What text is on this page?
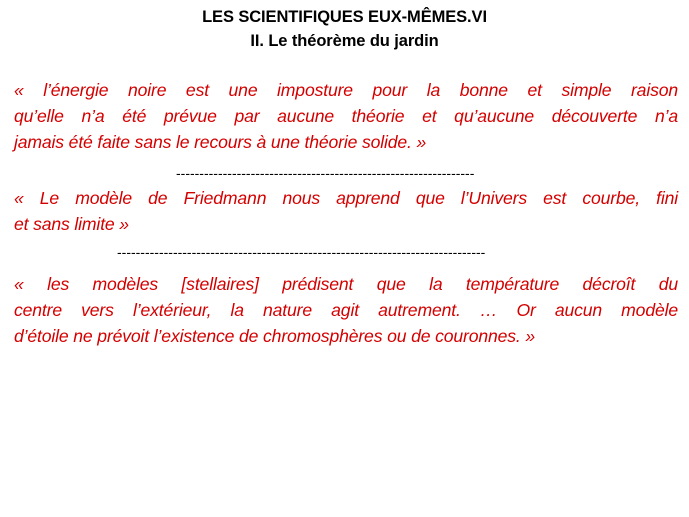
LES SCIENTIFIQUES EUX-MÊMES.VI
II. Le théorème du jardin
« l’énergie noire est une imposture pour la bonne et simple raison
qu’elle n’a été prévue par aucune théorie et qu’aucune découverte n’a
jamais été faite sans le recours à une théorie solide. »
----------------------------------------------------------------
« Le modèle de Friedmann nous apprend que l’Univers est courbe, fini
et sans limite »
-------------------------------------------------------------------------------
« les modèles [stellaires] prédisent que la température décroît du
centre vers l’extérieur, la nature agit autrement. … Or aucun modèle
d’étoile ne prévoit l’existence de chromosphères ou de couronnes. »
